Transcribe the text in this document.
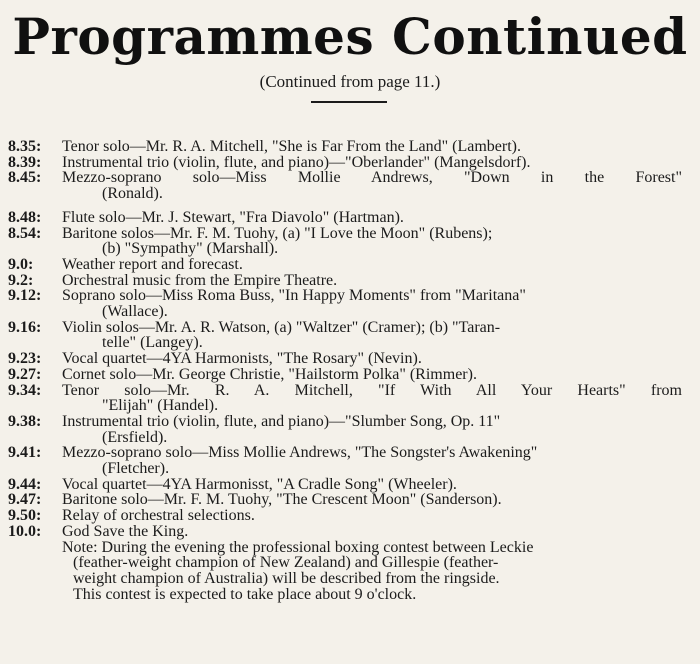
Programmes Continued
(Continued from page 11.)
8.35:	Tenor solo—Mr. R. A. Mitchell, "She is Far From the Land" (Lambert).
8.39:	Instrumental trio (violin, flute, and piano)—"Oberlander" (Mangelsdorf).
8.45:	Mezzo-soprano solo—Miss Mollie Andrews, "Down in the Forest"
(Ronald).
8.48:	Flute solo—Mr. J. Stewart, "Fra Diavolo" (Hartman).
8.54:	Baritone solos—Mr. F. M. Tuohy, (a) "I Love the Moon" (Rubens);
(b) "Sympathy" (Marshall).
9.0:	Weather report and forecast.
9.2:	Orchestral music from the Empire Theatre.
9.12:	Soprano solo—Miss Roma Buss, "In Happy Moments" from "Maritana"
(Wallace).
9.16:	Violin solos—Mr. A. R. Watson, (a) "Waltzer" (Cramer); (b) "Taran-
telle" (Langey).
9.23:	Vocal quartet—4YA Harmonists, "The Rosary" (Nevin).
9.27:	Cornet solo—Mr. George Christie, "Hailstorm Polka" (Rimmer).
9.34:	Tenor solo—Mr. R. A. Mitchell, "If With All Your Hearts" from
"Elijah" (Handel).
9.38:	Instrumental trio (violin, flute, and piano)—"Slumber Song, Op. 11"
(Ersfield).
9.41:	Mezzo-soprano solo—Miss Mollie Andrews, "The Songster's Awakening"
(Fletcher).
9.44:	Vocal quartet—4YA Harmonisst, "A Cradle Song" (Wheeler).
9.47:	Baritone solo—Mr. F. M. Tuohy, "The Crescent Moon" (Sanderson).
9.50:	Relay of orchestral selections.
10.0:	God Save the King.
Note: During the evening the professional boxing contest between Leckie
(feather-weight champion of New Zealand) and Gillespie (feather-
weight champion of Australia) will be described from the ringside.
This contest is expected to take place about 9 o'clock.
